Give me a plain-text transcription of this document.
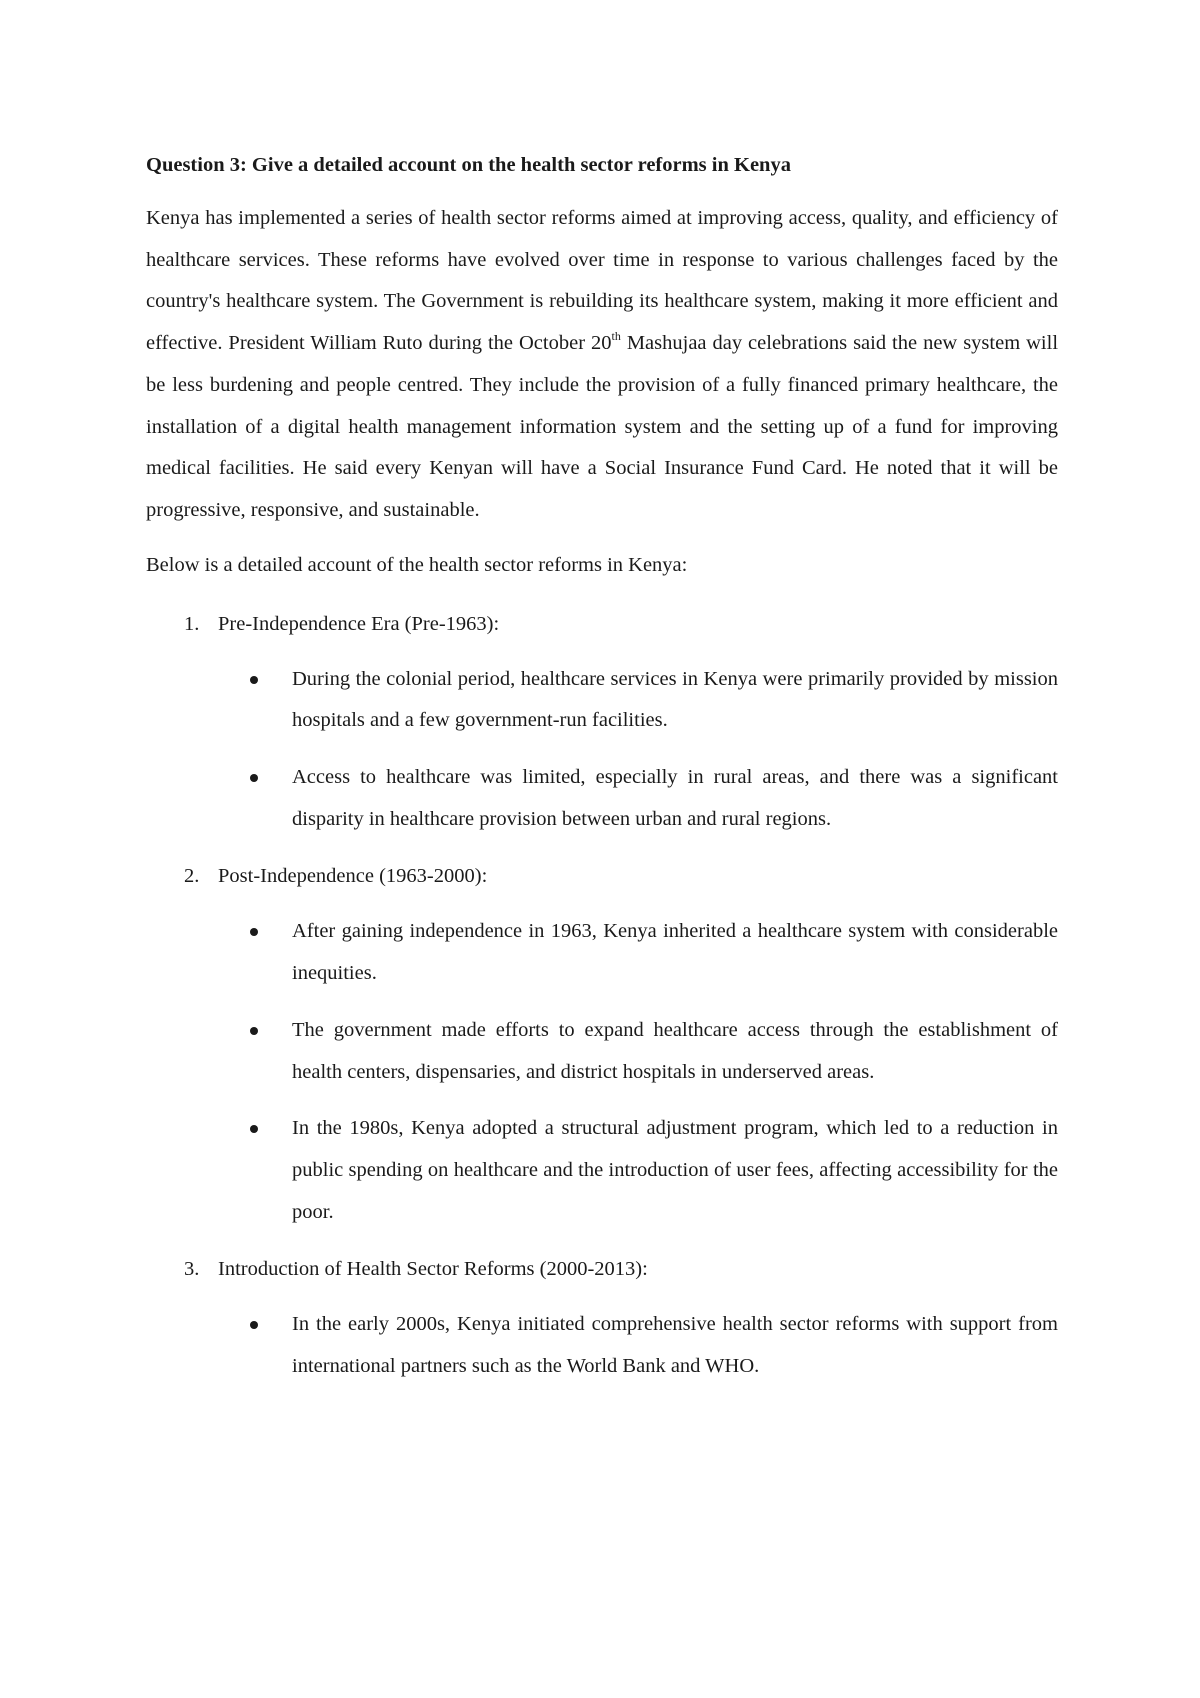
Question 3: Give a detailed account on the health sector reforms in Kenya
Kenya has implemented a series of health sector reforms aimed at improving access, quality, and efficiency of healthcare services. These reforms have evolved over time in response to various challenges faced by the country's healthcare system. The Government is rebuilding its healthcare system, making it more efficient and effective. President William Ruto during the October 20th Mashujaa day celebrations said the new system will be less burdening and people centred. They include the provision of a fully financed primary healthcare, the installation of a digital health management information system and the setting up of a fund for improving medical facilities. He said every Kenyan will have a Social Insurance Fund Card. He noted that it will be progressive, responsive, and sustainable.
Below is a detailed account of the health sector reforms in Kenya:
1. Pre-Independence Era (Pre-1963):
During the colonial period, healthcare services in Kenya were primarily provided by mission hospitals and a few government-run facilities.
Access to healthcare was limited, especially in rural areas, and there was a significant disparity in healthcare provision between urban and rural regions.
2. Post-Independence (1963-2000):
After gaining independence in 1963, Kenya inherited a healthcare system with considerable inequities.
The government made efforts to expand healthcare access through the establishment of health centers, dispensaries, and district hospitals in underserved areas.
In the 1980s, Kenya adopted a structural adjustment program, which led to a reduction in public spending on healthcare and the introduction of user fees, affecting accessibility for the poor.
3. Introduction of Health Sector Reforms (2000-2013):
In the early 2000s, Kenya initiated comprehensive health sector reforms with support from international partners such as the World Bank and WHO.
